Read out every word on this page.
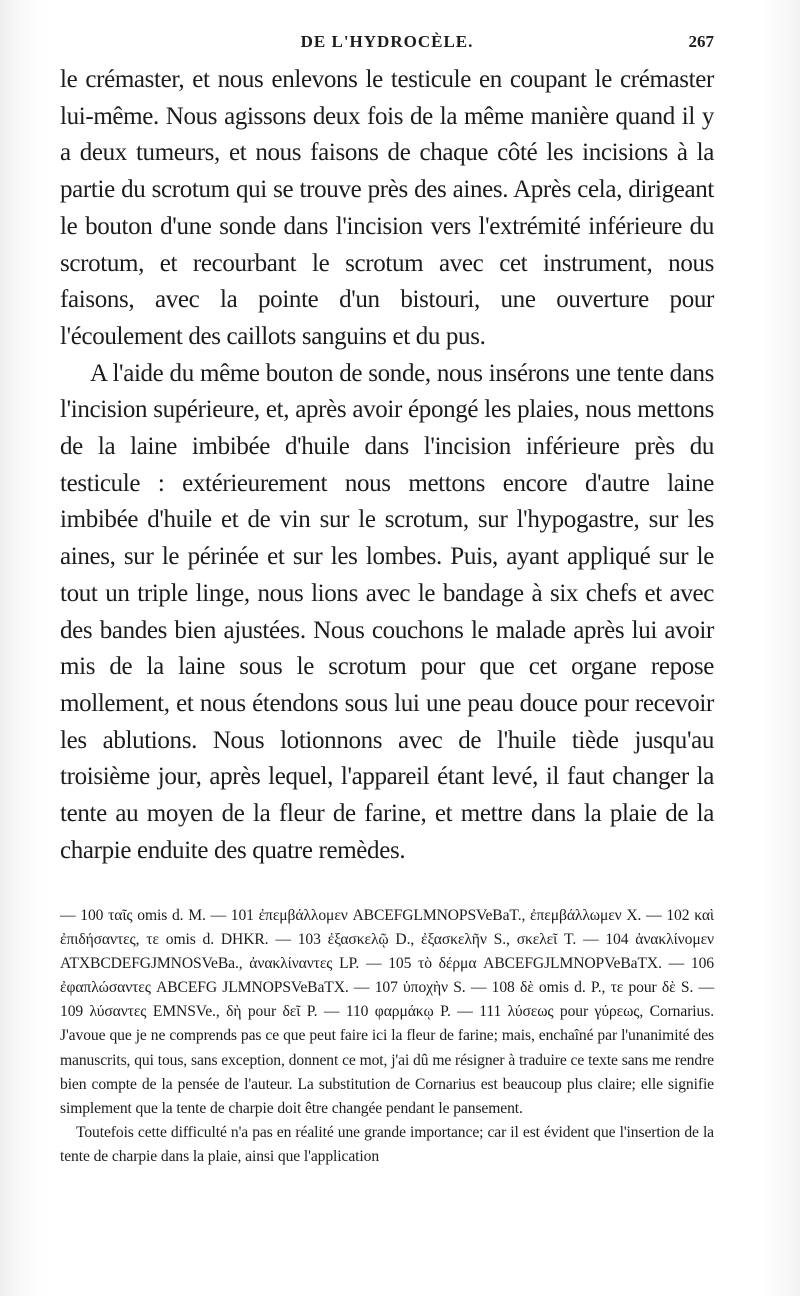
DE L'HYDROCÈLE.	267

le crémaster, et nous enlevons le testicule en coupant le crémaster lui-même. Nous agissons deux fois de la même manière quand il y a deux tumeurs, et nous faisons de chaque côté les incisions à la partie du scrotum qui se trouve près des aines. Après cela, dirigeant le bouton d'une sonde dans l'incision vers l'extrémité inférieure du scrotum, et recourbant le scrotum avec cet instrument, nous faisons, avec la pointe d'un bistouri, une ouverture pour l'écoulement des caillots sanguins et du pus.

A l'aide du même bouton de sonde, nous insérons une tente dans l'incision supérieure, et, après avoir épongé les plaies, nous mettons de la laine imbibée d'huile dans l'incision inférieure près du testicule : extérieurement nous mettons encore d'autre laine imbibée d'huile et de vin sur le scrotum, sur l'hypogastre, sur les aines, sur le périnée et sur les lombes. Puis, ayant appliqué sur le tout un triple linge, nous lions avec le bandage à six chefs et avec des bandes bien ajustées. Nous couchons le malade après lui avoir mis de la laine sous le scrotum pour que cet organe repose mollement, et nous étendons sous lui une peau douce pour recevoir les ablutions. Nous lotionnons avec de l'huile tiède jusqu'au troisième jour, après lequel, l'appareil étant levé, il faut changer la tente au moyen de la fleur de farine, et mettre dans la plaie de la charpie enduite des quatre remèdes.

— 100 ταῖς omis d. M. — 101 ἐπεμβάλλομεν ABCEFGLMNOPSVeBaT., ἐπεμβάλλωμεν X. — 102 καὶ ἐπιδήσαντες, τε omis d. DHKR. — 103 ἐξασκελῷ D., ἐξασκελῆν S., σκελεῖ T. — 104 ἀνακλίνομεν ATXBCDEFGJMNOSVeBa., ἀνακλίναντες LP. — 105 τὸ δέρμα ABCEFGJLMNOPVeBaTX. — 106 ἐφαπλώσαντες ABCEFG JLMNOPSVeBaTX. — 107 ὑποχὴν S. — 108 δὲ omis d. P., τε pour δὲ S. — 109 λύσαντες EMNSVe., δὴ pour δεῖ P. — 110 φαρμάκῳ P. — 111 λύσεως pour γύρεως, Cornarius. J'avoue que je ne comprends pas ce que peut faire ici la fleur de farine; mais, enchaîné par l'unanimité des manuscrits, qui tous, sans exception, donnent ce mot, j'ai dû me résigner à traduire ce texte sans me rendre bien compte de la pensée de l'auteur. La substitution de Cornarius est beaucoup plus claire; elle signifie simplement que la tente de charpie doit être changée pendant le pansement.

Toutefois cette difficulté n'a pas en réalité une grande importance; car il est évident que l'insertion de la tente de charpie dans la plaie, ainsi que l'application
